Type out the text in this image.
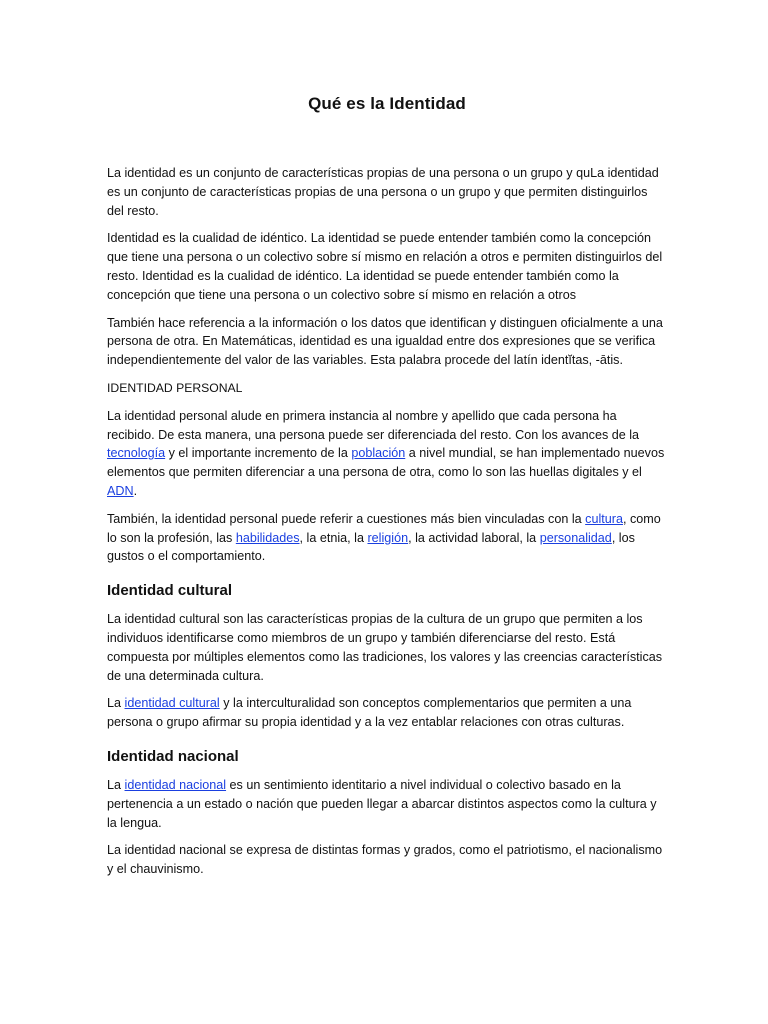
Qué es la Identidad

La identidad es un conjunto de características propias de una persona o un grupo y quLa identidad es un conjunto de características propias de una persona o un grupo y que permiten distinguirlos del resto.

Identidad es la cualidad de idéntico. La identidad se puede entender también como la concepción que tiene una persona o un colectivo sobre sí mismo en relación a otros e permiten distinguirlos del resto. Identidad es la cualidad de idéntico. La identidad se puede entender también como la concepción que tiene una persona o un colectivo sobre sí mismo en relación a otros

También hace referencia a la información o los datos que identifican y distinguen oficialmente a una persona de otra. En Matemáticas, identidad es una igualdad entre dos expresiones que se verifica independientemente del valor de las variables. Esta palabra procede del latín identĭtas, -ātis.

IDENTIDAD PERSONAL

La identidad personal alude en primera instancia al nombre y apellido que cada persona ha recibido. De esta manera, una persona puede ser diferenciada del resto. Con los avances de la tecnología y el importante incremento de la población a nivel mundial, se han implementado nuevos elementos que permiten diferenciar a una persona de otra, como lo son las huellas digitales y el ADN.

También, la identidad personal puede referir a cuestiones más bien vinculadas con la cultura, como lo son la profesión, las habilidades, la etnia, la religión, la actividad laboral, la personalidad, los gustos o el comportamiento.

Identidad cultural

La identidad cultural son las características propias de la cultura de un grupo que permiten a los individuos identificarse como miembros de un grupo y también diferenciarse del resto. Está compuesta por múltiples elementos como las tradiciones, los valores y las creencias características de una determinada cultura.

La identidad cultural y la interculturalidad son conceptos complementarios que permiten a una persona o grupo afirmar su propia identidad y a la vez entablar relaciones con otras culturas.

Identidad nacional

La identidad nacional es un sentimiento identitario a nivel individual o colectivo basado en la pertenencia a un estado o nación que pueden llegar a abarcar distintos aspectos como la cultura y la lengua.

La identidad nacional se expresa de distintas formas y grados, como el patriotismo, el nacionalismo y el chauvinismo.
